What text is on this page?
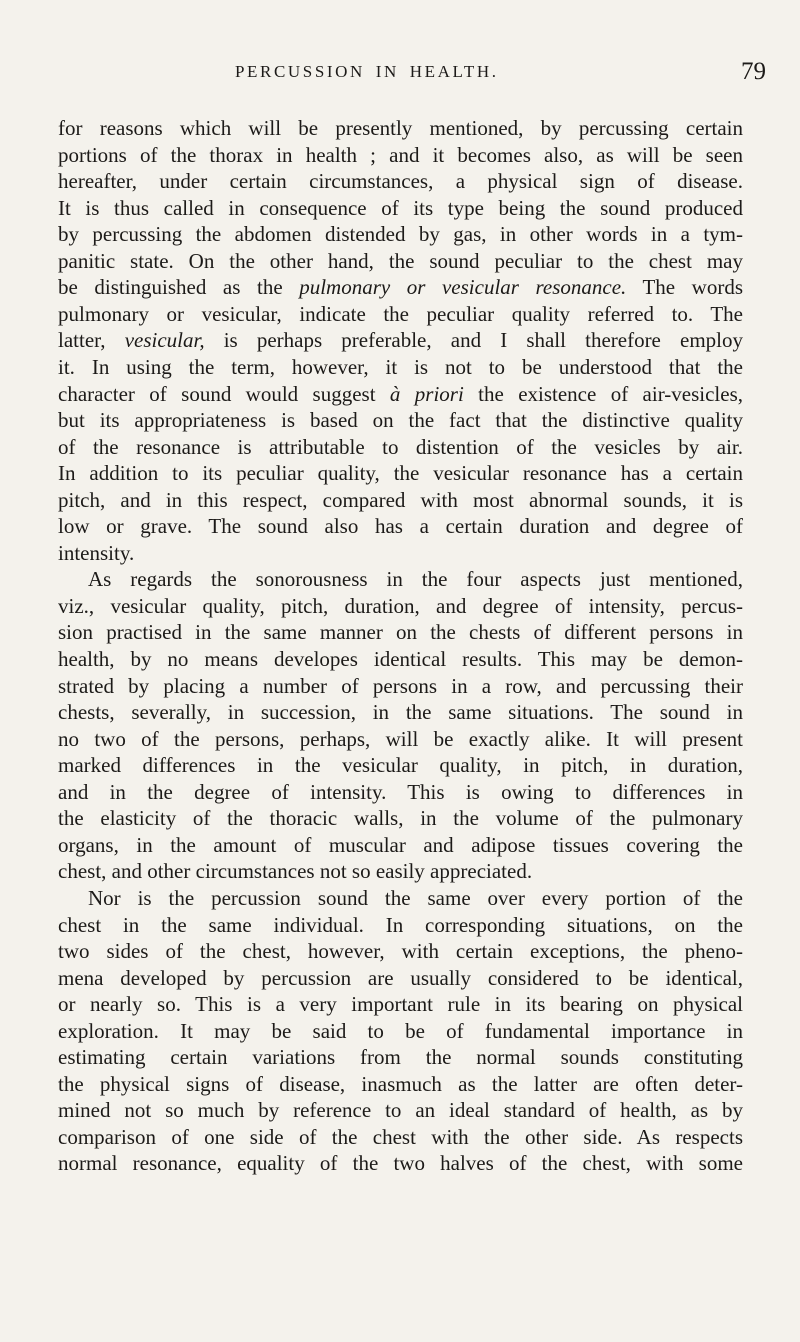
PERCUSSION IN HEALTH.	79
for reasons which will be presently mentioned, by percussing certain
portions of the thorax in health ; and it becomes also, as will be seen
hereafter, under certain circumstances, a physical sign of disease.
It is thus called in consequence of its type being the sound produced
by percussing the abdomen distended by gas, in other words in a tym-
panitic state. On the other hand, the sound peculiar to the chest may
be distinguished as the pulmonary or vesicular resonance. The words
pulmonary or vesicular, indicate the peculiar quality referred to. The
latter, vesicular, is perhaps preferable, and I shall therefore employ
it. In using the term, however, it is not to be understood that the
character of sound would suggest à priori the existence of air-vesicles,
but its appropriateness is based on the fact that the distinctive quality
of the resonance is attributable to distention of the vesicles by air.
In addition to its peculiar quality, the vesicular resonance has a certain
pitch, and in this respect, compared with most abnormal sounds, it is
low or grave. The sound also has a certain duration and degree of
intensity.
As regards the sonorousness in the four aspects just mentioned,
viz., vesicular quality, pitch, duration, and degree of intensity, percus-
sion practised in the same manner on the chests of different persons in
health, by no means developes identical results. This may be demon-
strated by placing a number of persons in a row, and percussing their
chests, severally, in succession, in the same situations. The sound in
no two of the persons, perhaps, will be exactly alike. It will present
marked differences in the vesicular quality, in pitch, in duration,
and in the degree of intensity. This is owing to differences in
the elasticity of the thoracic walls, in the volume of the pulmonary
organs, in the amount of muscular and adipose tissues covering the
chest, and other circumstances not so easily appreciated.
Nor is the percussion sound the same over every portion of the
chest in the same individual. In corresponding situations, on the
two sides of the chest, however, with certain exceptions, the pheno-
mena developed by percussion are usually considered to be identical,
or nearly so. This is a very important rule in its bearing on physical
exploration. It may be said to be of fundamental importance in
estimating certain variations from the normal sounds constituting
the physical signs of disease, inasmuch as the latter are often deter-
mined not so much by reference to an ideal standard of health, as by
comparison of one side of the chest with the other side. As respects
normal resonance, equality of the two halves of the chest, with some
